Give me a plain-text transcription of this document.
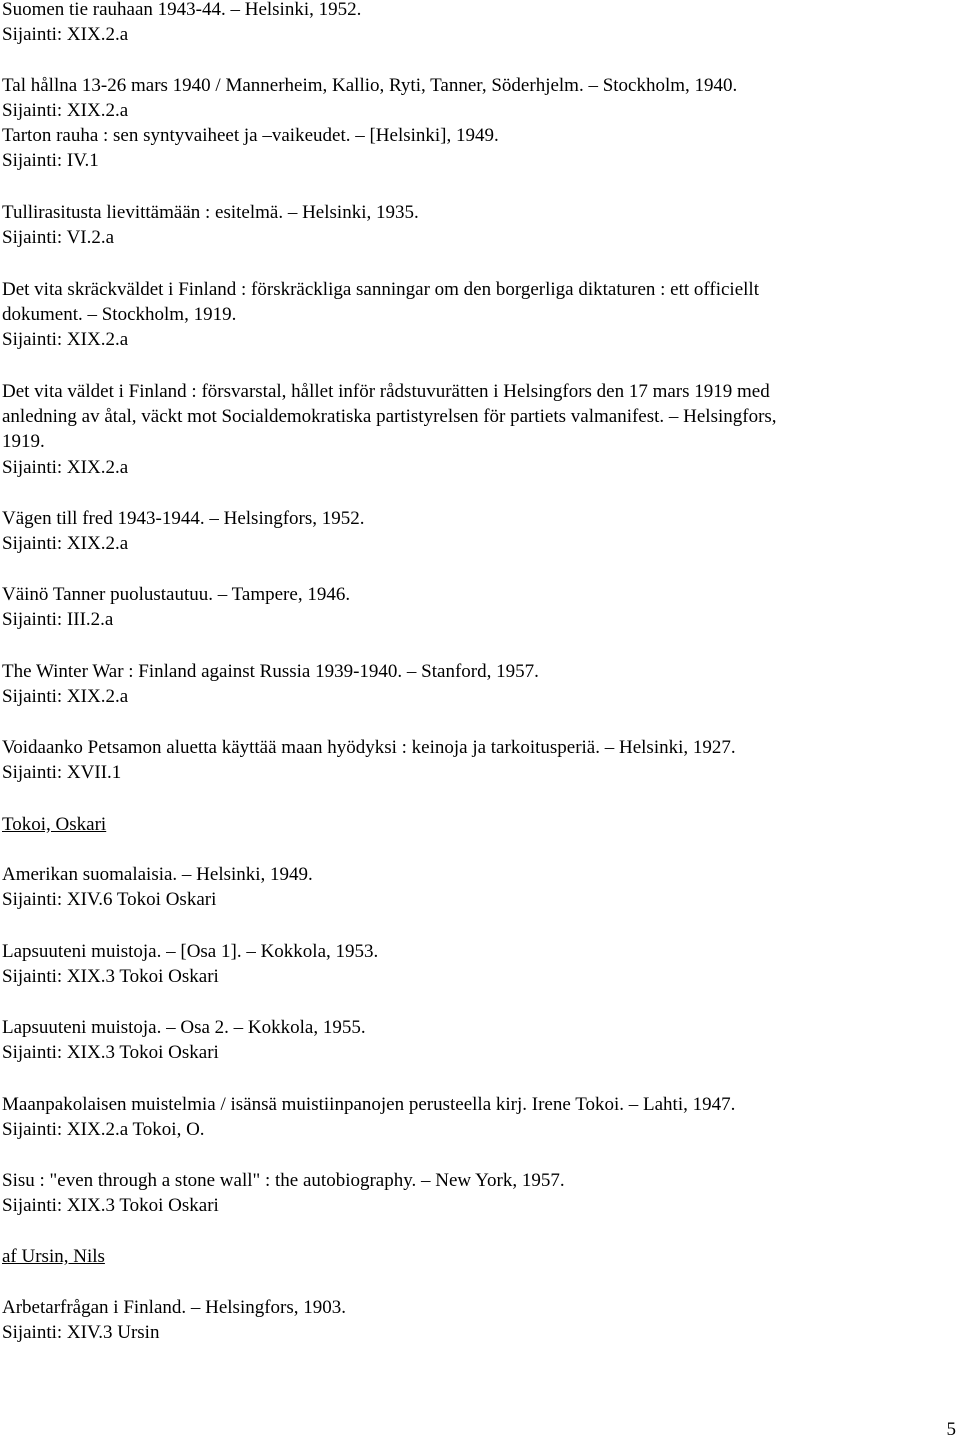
Suomen tie rauhaan 1943-44. – Helsinki, 1952.
Sijainti: XIX.2.a
Tal hållna 13-26 mars 1940 / Mannerheim, Kallio, Ryti, Tanner, Söderhjelm. – Stockholm, 1940.
Sijainti: XIX.2.a
Tarton rauha : sen syntyvaiheet ja –vaikeudet. – [Helsinki], 1949.
Sijainti: IV.1
Tullirasitusta lievittämään : esitelmä. – Helsinki, 1935.
Sijainti: VI.2.a
Det vita skräckväldet i Finland : förskräckliga sanningar om den borgerliga diktaturen : ett officiellt
dokument. – Stockholm, 1919.
Sijainti: XIX.2.a
Det vita väldet i Finland : försvarstal, hållet inför rådstuvurätten i Helsingfors den 17 mars 1919 med
anledning av åtal, väckt mot Socialdemokratiska partistyrelsen för partiets valmanifest. – Helsingfors,
1919.
Sijainti: XIX.2.a
Vägen till fred 1943-1944. – Helsingfors, 1952.
Sijainti: XIX.2.a
Väinö Tanner puolustautuu. – Tampere, 1946.
Sijainti: III.2.a
The Winter War : Finland against Russia 1939-1940. – Stanford, 1957.
Sijainti: XIX.2.a
Voidaanko Petsamon aluetta käyttää maan hyödyksi : keinoja ja tarkoitusperiä. – Helsinki, 1927.
Sijainti: XVII.1
Tokoi, Oskari
Amerikan suomalaisia. – Helsinki, 1949.
Sijainti: XIV.6 Tokoi Oskari
Lapsuuteni muistoja. – [Osa 1]. – Kokkola, 1953.
Sijainti: XIX.3 Tokoi Oskari
Lapsuuteni muistoja. – Osa 2. – Kokkola, 1955.
Sijainti: XIX.3 Tokoi Oskari
Maanpakolaisen muistelmia / isänsä muistiinpanojen perusteella kirj. Irene Tokoi. – Lahti, 1947.
Sijainti: XIX.2.a Tokoi, O.
Sisu : "even through a stone wall" : the autobiography. – New York, 1957.
Sijainti: XIX.3 Tokoi Oskari
af Ursin, Nils
Arbetarfrågan i Finland. – Helsingfors, 1903.
Sijainti: XIV.3 Ursin
5
